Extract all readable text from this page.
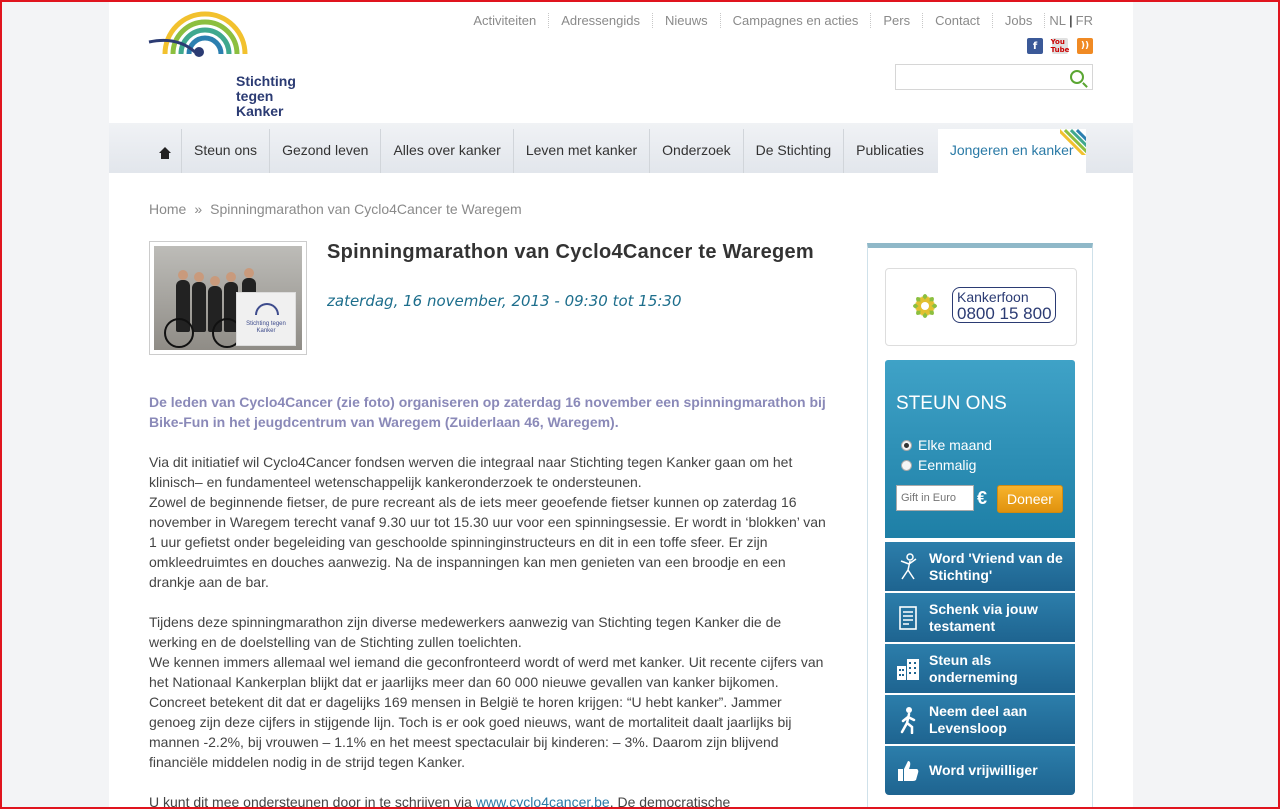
Stichting
tegen Kanker
Activiteiten	Adressengids	Nieuws	Campagnes en acties	Pers	Contact	Jobs	NL | FR
f	You Tube	))
Steun ons	Gezond leven	Alles over kanker	Leven met kanker	Onderzoek	De Stichting	Publicaties	Jongeren en kanker
Home » Spinningmarathon van Cyclo4Cancer te Waregem
Stichting tegen Kanker
Spinningmarathon van Cyclo4Cancer te Waregem
zaterdag, 16 november, 2013 - 09:30 tot 15:30

De leden van Cyclo4Cancer (zie foto) organiseren op zaterdag 16 november een spinningmarathon bij Bike-Fun in het jeugdcentrum van Waregem (Zuiderlaan 46, Waregem).

Via dit initiatief wil Cyclo4Cancer fondsen werven die integraal naar Stichting tegen Kanker gaan om het klinisch– en fundamenteel wetenschappelijk kankeronderzoek te ondersteunen.
Zowel de beginnende fietser, de pure recreant als de iets meer geoefende fietser kunnen op zaterdag 16 november in Waregem terecht vanaf 9.30 uur tot 15.30 uur voor een spinningsessie. Er wordt in ‘blokken’ van 1 uur gefietst onder begeleiding van geschoolde spinninginstructeurs en dit in een toffe sfeer. Er zijn omkleedruimtes en douches aanwezig. Na de inspanningen kan men genieten van een broodje en een drankje aan de bar.

Tijdens deze spinningmarathon zijn diverse medewerkers aanwezig van Stichting tegen Kanker die de werking en de doelstelling van de Stichting zullen toelichten.
We kennen immers allemaal wel iemand die geconfronteerd wordt of werd met kanker. Uit recente cijfers van het Nationaal Kankerplan blijkt dat er jaarlijks meer dan 60 000 nieuwe gevallen van kanker bijkomen. Concreet betekent dit dat er dagelijks 169 mensen in België te horen krijgen: “U hebt kanker”. Jammer genoeg zijn deze cijfers in stijgende lijn. Toch is er ook goed nieuws, want de mortaliteit daalt jaarlijks bij mannen -2.2%, bij vrouwen – 1.1% en het meest spectaculair bij kinderen: – 3%. Daarom zijn blijvend financiële middelen nodig in de strijd tegen Kanker.

U kunt dit mee ondersteunen door in te schrijven via www.cyclo4cancer.be. De democratische

Kankerfoon
0800 15 800
STEUN ONS
Elke maand
Eenmalig
Gift in Euro
€	Doneer
Word 'Vriend van de Stichting'
Schenk via jouw testament
Steun als onderneming
Neem deel aan Levensloop
Word vrijwilliger
